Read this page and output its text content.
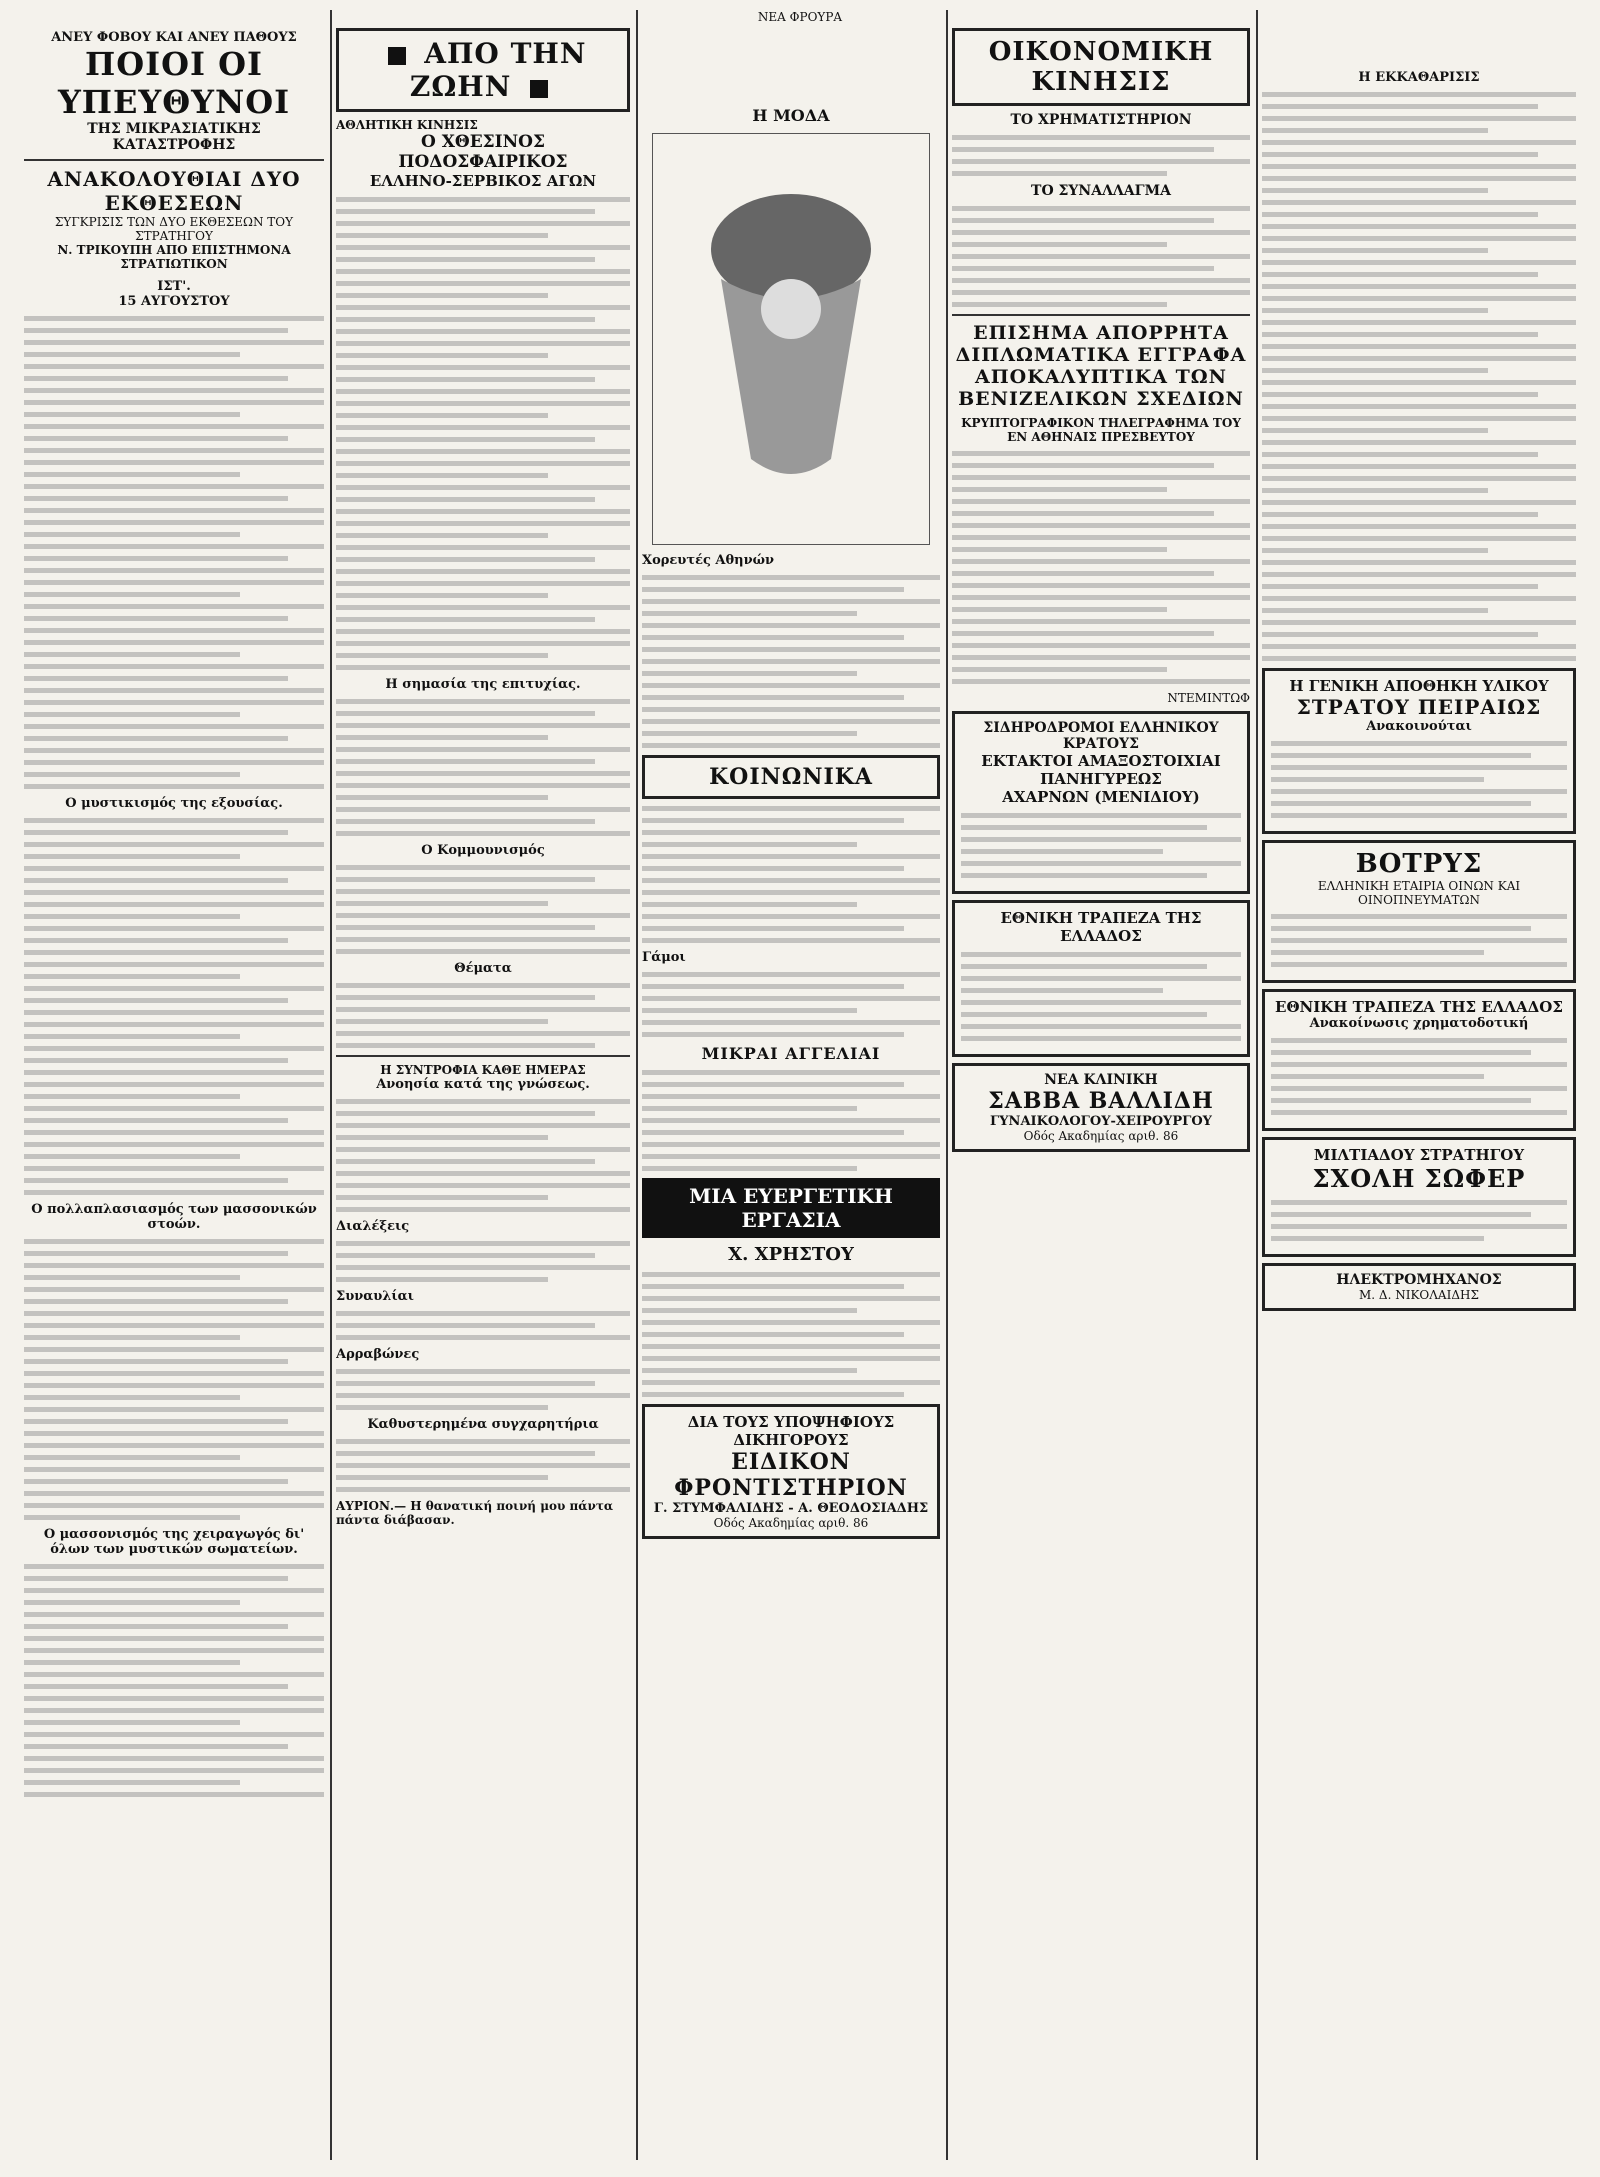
ΝΕΑ ΦΡΟΥΡΑ
ΑΝΕΥ ΦΟΒΟΥ ΚΑΙ ΑΝΕΥ ΠΑΘΟΥΣ
ΠΟΙΟΙ ΟΙ ΥΠΕΥΘΥΝΟΙ
ΤΗΣ ΜΙΚΡΑΣΙΑΤΙΚΗΣ ΚΑΤΑΣΤΡΟΦΗΣ
ΑΝΑΚΟΛΟΥΘΙΑΙ ΔΥΟ ΕΚΘΕΣΕΩΝ
ΣΥΓΚΡΙΣΙΣ ΤΩΝ ΔΥΟ ΕΚΘΕΣΕΩΝ ΤΟΥ ΣΤΡΑΤΗΓΟΥ
Ν. ΤΡΙΚΟΥΠΗ ΑΠΟ ΕΠΙΣΤΗΜΟΝΑ ΣΤΡΑΤΙΩΤΙΚΟΝ
ΙΣΤ'.
15 ΑΥΓΟΥΣΤΟΥ
Ο μυστικισμός της εξουσίας.
Ο πολλαπλασιασμός των μασσονικών στοών.
Ο μασσονισμός της χειραγωγός δι' όλων των μυστικών σωματείων.
ΑΠΟ ΤΗΝ ΖΩΗΝ
ΑΘΛΗΤΙΚΗ ΚΙΝΗΣΙΣ
Ο ΧΘΕΣΙΝΟΣ ΠΟΔΟΣΦΑΙΡΙΚΟΣ
ΕΛΛΗΝΟ-ΣΕΡΒΙΚΟΣ ΑΓΩΝ
Η σημασία της επιτυχίας.
Ο Κομμουνισμός
Θέματα
Η ΣΥΝΤΡΟΦΙΑ ΚΑΘΕ ΗΜΕΡΑΣ
Ανοησία κατά της γνώσεως.
Διαλέξεις
Συναυλίαι
Αρραβώνες
Καθυστερημένα συγχαρητήρια
ΑΥΡΙΟΝ.— Η θανατική ποινή μου πάντα πάντα διάβασαν.
Η ΜΟΔΑ
Χορευτές Αθηνών
ΚΟΙΝΩΝΙΚΑ
Γάμοι
ΜΙΚΡΑΙ ΑΓΓΕΛΙΑΙ
ΜΙΑ ΕΥΕΡΓΕΤΙΚΗ ΕΡΓΑΣΙΑ
Χ. ΧΡΗΣΤΟΥ
ΔΙΑ ΤΟΥΣ ΥΠΟΨΗΦΙΟΥΣ ΔΙΚΗΓΟΡΟΥΣ
ΕΙΔΙΚΟΝ ΦΡΟΝΤΙΣΤΗΡΙΟΝ
Γ. ΣΤΥΜΦΑΛΙΔΗΣ - Α. ΘΕΟΔΟΣΙΑΔΗΣ
Οδός Ακαδημίας αριθ. 86
ΟΙΚΟΝΟΜΙΚΗ ΚΙΝΗΣΙΣ
ΤΟ ΧΡΗΜΑΤΙΣΤΗΡΙΟΝ
ΤΟ ΣΥΝΑΛΛΑΓΜΑ
ΕΠΙΣΗΜΑ ΑΠΟΡΡΗΤΑ ΔΙΠΛΩΜΑΤΙΚΑ ΕΓΓΡΑΦΑ
ΑΠΟΚΑΛΥΠΤΙΚΑ ΤΩΝ ΒΕΝΙΖΕΛΙΚΩΝ ΣΧΕΔΙΩΝ
ΚΡΥΠΤΟΓΡΑΦΙΚΟΝ ΤΗΛΕΓΡΑΦΗΜΑ ΤΟΥ ΕΝ ΑΘΗΝΑΙΣ ΠΡΕΣΒΕΥΤΟΥ
ΝΤΕΜΙΝΤΩΦ
ΣΙΔΗΡΟΔΡΟΜΟΙ ΕΛΛΗΝΙΚΟΥ ΚΡΑΤΟΥΣ
ΕΚΤΑΚΤΟΙ ΑΜΑΞΟΣΤΟΙΧΙΑΙ ΠΑΝΗΓΥΡΕΩΣ
ΑΧΑΡΝΩΝ (ΜΕΝΙΔΙΟΥ)
ΕΘΝΙΚΗ ΤΡΑΠΕΖΑ ΤΗΣ ΕΛΛΑΔΟΣ
ΝΕΑ ΚΛΙΝΙΚΗ
ΣΑΒΒΑ ΒΑΛΛΙΔΗ
ΓΥΝΑΙΚΟΛΟΓΟΥ-ΧΕΙΡΟΥΡΓΟΥ
Οδός Ακαδημίας αριθ. 86
Η ΕΚΚΑΘΑΡΙΣΙΣ
Η ΓΕΝΙΚΗ ΑΠΟΘΗΚΗ ΥΛΙΚΟΥ
ΣΤΡΑΤΟΥ ΠΕΙΡΑΙΩΣ
Ανακοινούται
ΒΟΤΡΥΣ
ΕΛΛΗΝΙΚΗ ΕΤΑΙΡΙΑ ΟΙΝΩΝ ΚΑΙ ΟΙΝΟΠΝΕΥΜΑΤΩΝ
ΕΘΝΙΚΗ ΤΡΑΠΕΖΑ ΤΗΣ ΕΛΛΑΔΟΣ
Ανακοίνωσις χρηματοδοτική
ΜΙΛΤΙΑΔΟΥ ΣΤΡΑΤΗΓΟΥ
ΣΧΟΛΗ ΣΩΦΕΡ
ΗΛΕΚΤΡΟΜΗΧΑΝΟΣ
Μ. Δ. ΝΙΚΟΛΑΙΔΗΣ
